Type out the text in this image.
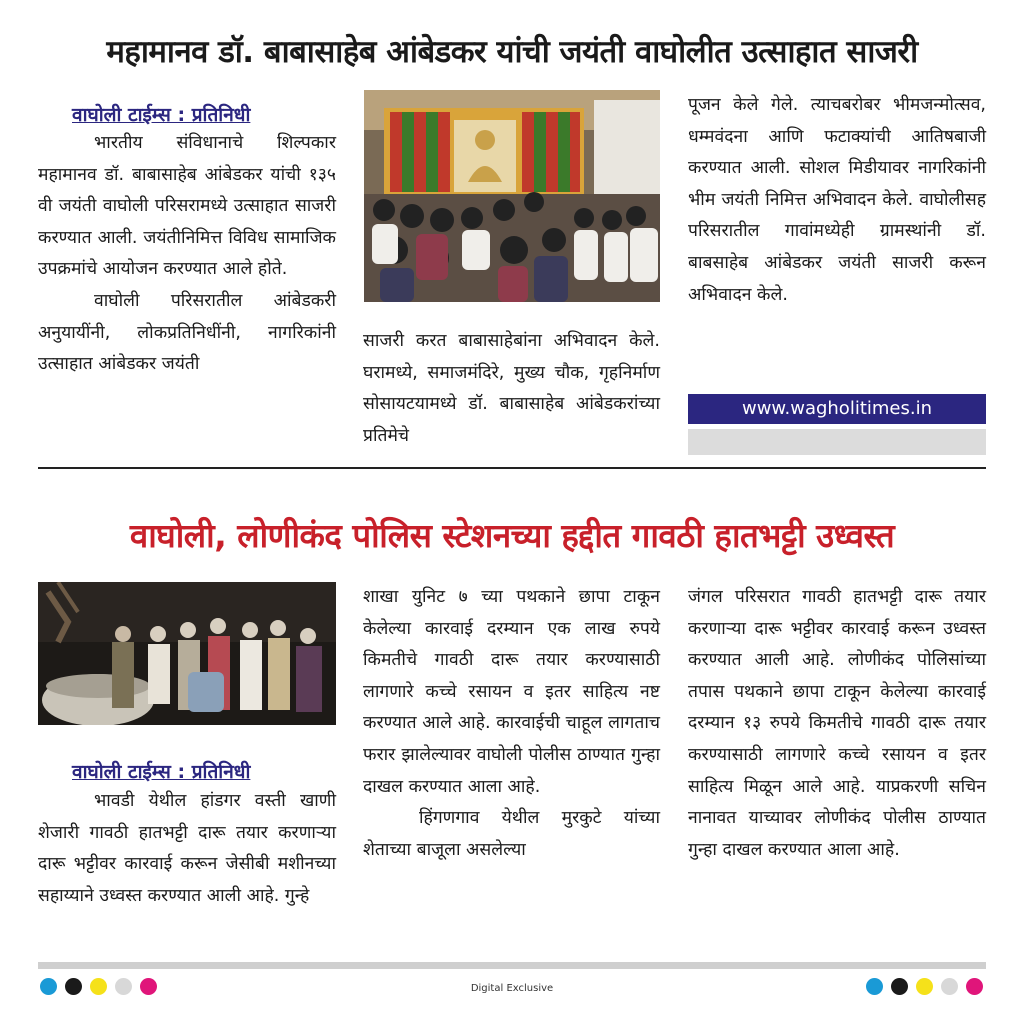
महामानव डॉ. बाबासाहेब आंबेडकर यांची जयंती वाघोलीत उत्साहात साजरी
वाघोली टाईम्स : प्रतिनिधी

भारतीय संविधानाचे शिल्पकार महामानव डॉ. बाबासाहेब आंबेडकर यांची १३५ वी जयंती वाघोली परिसरामध्ये उत्साहात साजरी करण्यात आली. जयंतीनिमित्त विविध सामाजिक उपक्रमांचे आयोजन करण्यात आले होते.

वाघोली परिसरातील आंबेडकरी अनुयायींनी, लोकप्रतिनिधींनी, नागरिकांनी उत्साहात आंबेडकर जयंती

साजरी करत बाबासाहेबांना अभिवादन केले. घरामध्ये, समाजमंदिरे, मुख्य चौक, गृहनिर्माण सोसायटयामध्ये डॉ. बाबासाहेब आंबेडकरांच्या प्रतिमेचे

पूजन केले गेले. त्याचबरोबर भीमजन्मोत्सव, धम्मवंदना आणि फटाक्यांची आतिषबाजी करण्यात आली. सोशल मिडीयावर नागरिकांनी भीम जयंती निमित्त अभिवादन केले. वाघोलीसह परिसरातील गावांमध्येही ग्रामस्थांनी डॉ. बाबसाहेब आंबेडकर जयंती साजरी करून अभिवादन केले.

www.wagholitimes.in
वाघोली, लोणीकंद पोलिस स्टेशनच्या हद्दीत गावठी हातभट्टी उध्वस्त
वाघोली टाईम्स : प्रतिनिधी

भावडी येथील हांडगर वस्ती खाणी शेजारी गावठी हातभट्टी दारू तयार करणाऱ्या दारू भट्टीवर कारवाई करून जेसीबी मशीनच्या सहाय्याने उध्वस्त करण्यात आली आहे. गुन्हे

शाखा युनिट ७ च्या पथकाने छापा टाकून केलेल्या कारवाई दरम्यान एक लाख रुपये किमतीचे गावठी दारू तयार करण्यासाठी लागणारे कच्चे रसायन व इतर साहित्य नष्ट करण्यात आले आहे. कारवाईची चाहूल लागताच फरार झालेल्यावर वाघोली पोलीस ठाण्यात गुन्हा दाखल करण्यात आला आहे.

हिंगणगाव येथील मुरकुटे यांच्या शेताच्या बाजूला असलेल्या

जंगल परिसरात गावठी हातभट्टी दारू तयार करणाऱ्या दारू भट्टीवर कारवाई करून उध्वस्त करण्यात आली आहे. लोणीकंद पोलिसांच्या तपास पथकाने छापा टाकून केलेल्या कारवाई दरम्यान १३ रुपये किमतीचे गावठी दारू तयार करण्यासाठी लागणारे कच्चे रसायन व इतर साहित्य मिळून आले आहे. याप्रकरणी सचिन नानावत याच्यावर लोणीकंद पोलीस ठाण्यात गुन्हा दाखल करण्यात आला आहे.

Digital Exclusive
